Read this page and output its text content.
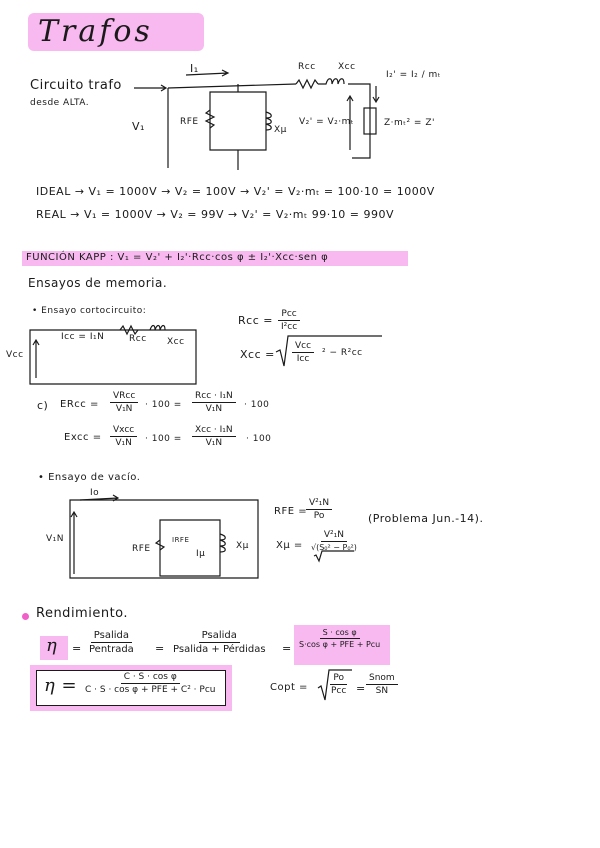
Trafos
Circuito trafo
desde ALTA.
I₁	Rcc Xcc
V₁	RFE
Xμ
V₂' = V₂·mₜ
I₂' = I₂ / mₜ
Z·mₜ² = Z'
IDEAL → V₁ = 1000V → V₂ = 100V → V₂' = V₂·mₜ = 100·10 = 1000V
REAL → V₁ = 1000V → V₂ = 99V → V₂' = V₂·mₜ 99·10 = 990V
FUNCIÓN KAPP : V₁ = V₂' + I₂'·Rcc·cos φ ± I₂'·Xcc·sen φ
Ensayos de memoria.
• Ensayo cortocircuito:
Icc = I₁N	Rcc Xcc
Vcc
Rcc = Pcc
I²cc
Xcc =
Vcc
Icc
² − R²cc
c) ERcc =
VRcc
V₁N	· 100 =
Rcc · I₁N
V₁N	· 100
Excc =
Vxcc
V₁N	· 100 =
Xcc · I₁N
V₁N	· 100
• Ensayo de vacío.
Io
V₁N
RFE
IRFE
Iμ
Xμ
RFE =
$\frac{\text{V²₁N}}{Po}$
$X\mu = \frac{\text{V²₁N}}{\text{√(S₀² − P₀²)}}$
(Problema Jun.-14).
Rendimiento.
η =
Psalida
Pentrada =
Psalida
Psalida + Pérdidas =
S · cos φ
S·cos φ + PFE + Pcu
η =	C · S · cos φ
C · S · cos φ + PFE + C² · Pcu	Copt =
Po
Pcc =
Snom
SN
